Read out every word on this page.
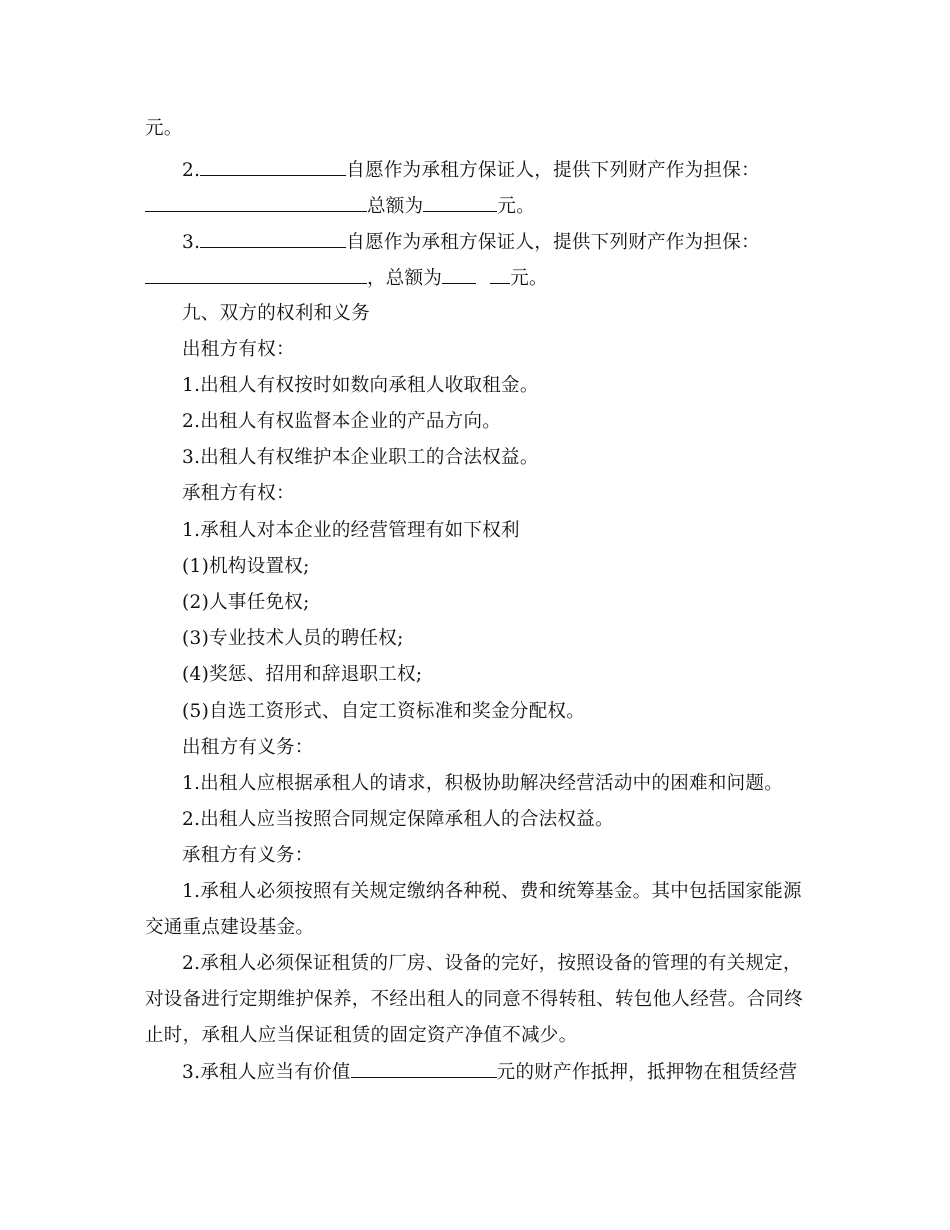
元。
2.	自愿作为承租方保证人，提供下列财产作为担保：
总额为	元。
3.	自愿作为承租方保证人，提供下列财产作为担保：
，总额为	元。
九、双方的权利和义务
出租方有权：
1.出租人有权按时如数向承租人收取租金。
2.出租人有权监督本企业的产品方向。
3.出租人有权维护本企业职工的合法权益。
承租方有权：
1.承租人对本企业的经营管理有如下权利
(1)机构设置权;
(2)人事任免权;
(3)专业技术人员的聘任权;
(4)奖惩、招用和辞退职工权;
(5)自选工资形式、自定工资标准和奖金分配权。
出租方有义务：
1.出租人应根据承租人的请求，积极协助解决经营活动中的困难和问题。
2.出租人应当按照合同规定保障承租人的合法权益。
承租方有义务：
1.承租人必须按照有关规定缴纳各种税、费和统筹基金。其中包括国家能源
交通重点建设基金。
2.承租人必须保证租赁的厂房、设备的完好，按照设备的管理的有关规定，
对设备进行定期维护保养，不经出租人的同意不得转租、转包他人经营。合同终
止时，承租人应当保证租赁的固定资产净值不减少。
3.承租人应当有价值	元的财产作抵押，抵押物在租赁经营
